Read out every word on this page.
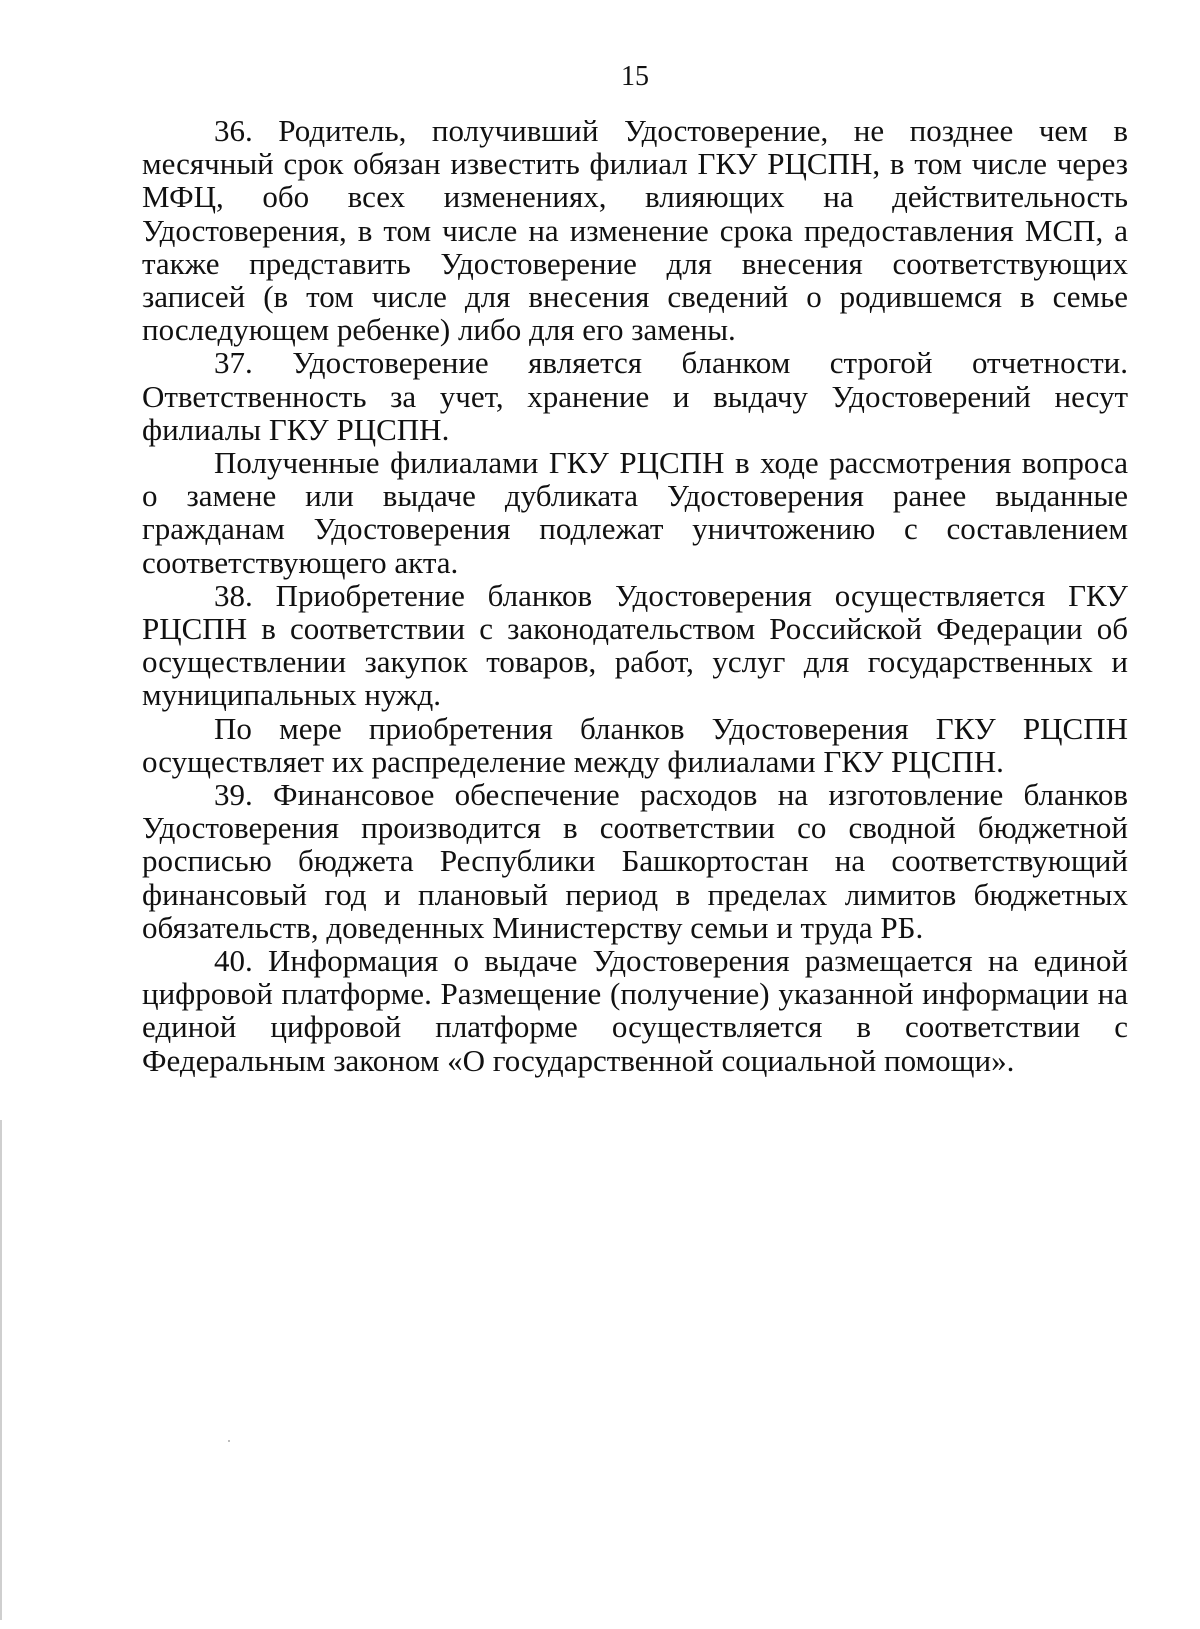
15

36. Родитель, получивший Удостоверение, не позднее чем в месячный срок обязан известить филиал ГКУ РЦСПН, в том числе через МФЦ, обо всех изменениях, влияющих на действительность Удостоверения, в том числе на изменение срока предоставления МСП, а также представить Удостоверение для внесения соответствующих записей (в том числе для внесения сведений о родившемся в семье последующем ребенке) либо для его замены.

37. Удостоверение является бланком строгой отчетности. Ответственность за учет, хранение и выдачу Удостоверений несут филиалы ГКУ РЦСПН.

Полученные филиалами ГКУ РЦСПН в ходе рассмотрения вопроса о замене или выдаче дубликата Удостоверения ранее выданные гражданам Удостоверения подлежат уничтожению с составлением соответствующего акта.

38. Приобретение бланков Удостоверения осуществляется ГКУ РЦСПН в соответствии с законодательством Российской Федерации об осуществлении закупок товаров, работ, услуг для государственных и муниципальных нужд.

По мере приобретения бланков Удостоверения ГКУ РЦСПН осуществляет их распределение между филиалами ГКУ РЦСПН.

39. Финансовое обеспечение расходов на изготовление бланков Удостоверения производится в соответствии со сводной бюджетной росписью бюджета Республики Башкортостан на соответствующий финансовый год и плановый период в пределах лимитов бюджетных обязательств, доведенных Министерству семьи и труда РБ.

40. Информация о выдаче Удостоверения размещается на единой цифровой платформе. Размещение (получение) указанной информации на единой цифровой платформе осуществляется в соответствии с Федеральным законом «О государственной социальной помощи».
